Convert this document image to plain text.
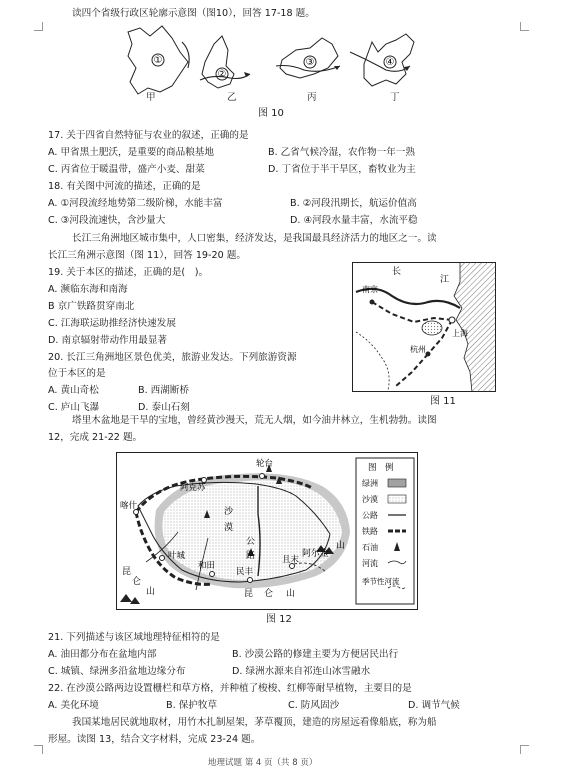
读四个省级行政区轮廓示意图（图10），回答 17-18 题。
①
②
③	④
甲	乙	丙	丁
图 10
17. 关于四省自然特征与农业的叙述，正确的是
A. 甲省黑土肥沃，是重要的商品粮基地	B. 乙省气候冷湿，农作物一年一熟
C. 丙省位于暖温带，盛产小麦、甜菜	D. 丁省位于半干旱区，畜牧业为主
18. 有关图中河流的描述，正确的是
A. ①河段流经地势第二级阶梯，水能丰富	B. ②河段汛期长，航运价值高
C. ③河段流速快，含沙量大	D. ④河段水量丰富，水流平稳
长江三角洲地区城市集中，人口密集，经济发达，是我国最具经济活力的地区之一。读
长江三角洲示意图（图 11），回答 19-20 题。
19. 关于本区的描述，正确的是(　)。
A. 濒临东海和南海
B 京广铁路贯穿南北
C. 江海联运助推经济快速发展
D. 南京辐射带动作用最显著
20. 长江三角洲地区景色优美，旅游业发达。下列旅游资源
位于本区的是
A. 黄山奇松	B. 西湖断桥
C. 庐山飞瀑	D. 泰山石刻
长
江
南京
上海
杭州
图 11
塔里木盆地是干旱的宝地，曾经黄沙漫天，荒无人烟，如今油井林立，生机勃勃。读图
12，完成 21-22 题。
阿克苏
轮台
喀什
叶城
和田
民丰
且末
沙
漠
公
路
昆
仑
山	昆 仑 山
阿尔金
山
图　例
绿洲
沙漠
公路
铁路
石油
河流
季节性河流
图 12
21. 下列描述与该区域地理特征相符的是
A. 油田都分布在盆地内部	B. 沙漠公路的修建主要为方便居民出行
C. 城镇、绿洲多沿盆地边缘分布	D. 绿洲水源来自祁连山冰雪融水
22. 在沙漠公路两边设置栅栏和草方格，并种植了梭梭、红柳等耐旱植物，主要目的是
A. 美化环境	B. 保护牧草	C. 防风固沙	D. 调节气候
我国某地居民就地取材，用竹木扎制屋架，茅草覆顶，建造的房屋远看像船底，称为船
形屋。读图 13，结合文字材料，完成 23-24 题。
地理试题 第 4 页（共 8 页）
